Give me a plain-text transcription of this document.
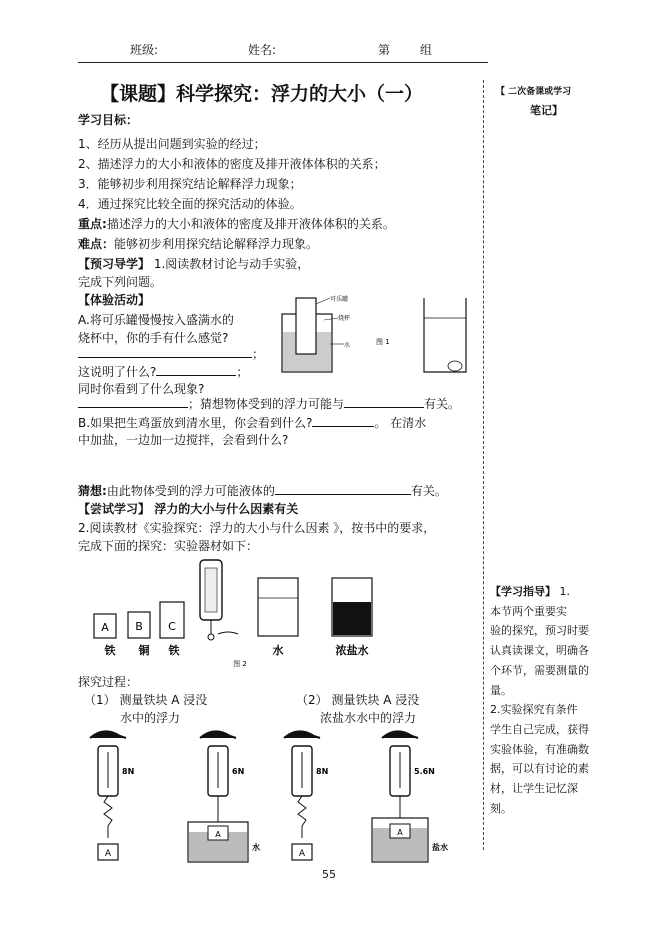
班级:	姓名:	第 组
【课题】科学探究：浮力的大小（一）
学习目标：
1、经历从提出问题到实验的经过；
2、描述浮力的大小和液体的密度及排开液体体积的关系；
3．能够初步利用探究结论解释浮力现象；
4．通过探究比较全面的探究活动的体验。
重点:描述浮力的大小和液体的密度及排开液体体积的关系。
难点：能够初步利用探究结论解释浮力现象。
【预习导学】 1.阅读教材讨论与动手实验，
完成下列问题。
【体验活动】
A.将可乐罐慢慢按入盛满水的
烧杯中，你的手有什么感觉?
；
这说明了什么?	；
同时你看到了什么现象?
；猜想物体受到的浮力可能与	有关。
B.如果把生鸡蛋放到清水里，你会看到什么?	。 在清水
中加盐，一边加一边搅拌，会看到什么?
猜想:由此物体受到的浮力可能液体的	有关。
【尝试学习】 浮力的大小与什么因素有关
2.阅读教材《实验探究：浮力的大小与什么因素 》，按书中的要求，
完成下面的探究：实验器材如下：
可乐罐
烧杯
水	图 1
A B C
铁 铜 铁	水
图 2
浓盐水
探究过程：
（1） 测量铁块 A 浸没
水中的浮力
（2） 测量铁块 A 浸没
浓盐水水中的浮力
8N
A
6N
A
水
8N
A
5.6N
A
盐水
【 二次备课或学习
笔记】
【学习指导】 1.
本节两个重要实
验的探究，预习时要
认真读课文，明确各
个环节，需要测量的
量。
2.实验探究有条件
学生自己完成，获得
实验体验，有准确数
据，可以有讨论的素
材，让学生记忆深
刻。
55
